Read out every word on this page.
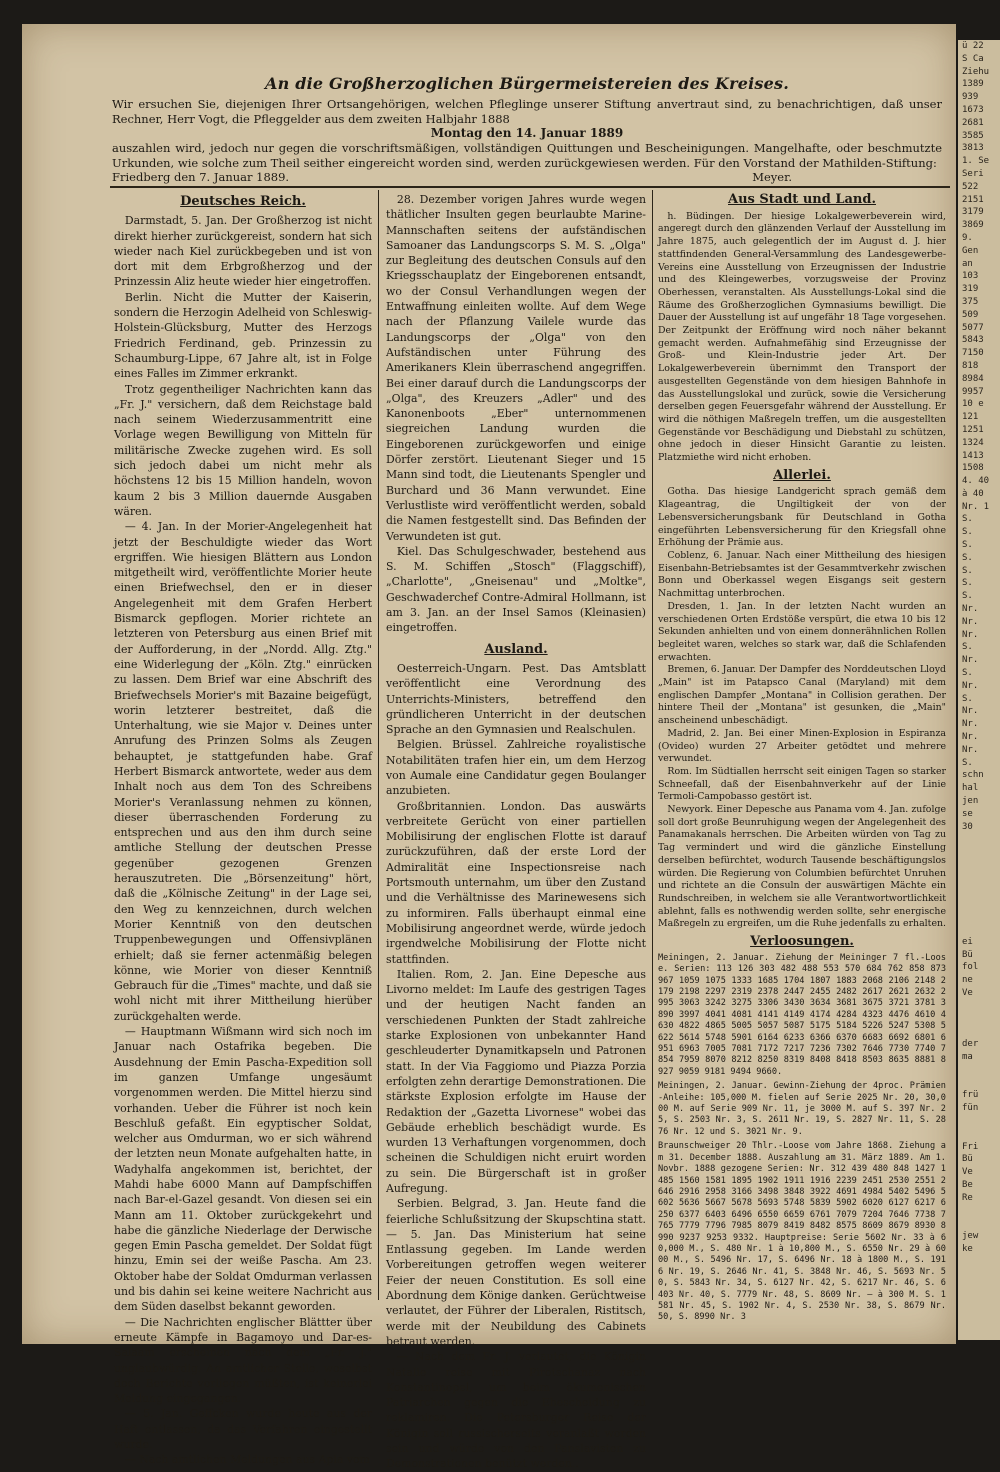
An die Großherzoglichen Bürgermeistereien des Kreises.
Wir ersuchen Sie, diejenigen Ihrer Ortsangehörigen, welchen Pfleglinge unserer Stiftung anvertraut sind, zu benachrichtigen, daß unser Rechner, Herr Vogt, die Pfleggelder aus dem zweiten Halbjahr 1888
Montag den 14. Januar 1889
auszahlen wird, jedoch nur gegen die vorschriftsmäßigen, vollständigen Quittungen und Bescheinigungen. Mangelhafte, oder beschmutzte Urkunden, wie solche zum Theil seither eingereicht worden sind, werden zurückgewiesen werden. Für den Vorstand der Mathilden-Stiftung:
Friedberg den 7. Januar 1889.	Meyer.
Deutsches Reich.

Darmstadt, 5. Jan. Der Großherzog ist nicht direkt hierher zurückgereist, sondern hat sich wieder nach Kiel zurückbegeben und ist von dort mit dem Erbgroßherzog und der Prinzessin Aliz heute wieder hier eingetroffen.

Berlin. Nicht die Mutter der Kaiserin, sondern die Herzogin Adelheid von Schleswig-Holstein-Glücksburg, Mutter des Herzogs Friedrich Ferdinand, geb. Prinzessin zu Schaumburg-Lippe, 67 Jahre alt, ist in Folge eines Falles im Zimmer erkrankt.

Trotz gegentheiliger Nachrichten kann das „Fr. J." versichern, daß dem Reichstage bald nach seinem Wiederzusammentritt eine Vorlage wegen Bewilligung von Mitteln für militärische Zwecke zugehen wird. Es soll sich jedoch dabei um nicht mehr als höchstens 12 bis 15 Million handeln, wovon kaum 2 bis 3 Million dauernde Ausgaben wären.

— 4. Jan. In der Morier-Angelegenheit hat jetzt der Beschuldigte wieder das Wort ergriffen. Wie hiesigen Blättern aus London mitgetheilt wird, veröffentlichte Morier heute einen Briefwechsel, den er in dieser Angelegenheit mit dem Grafen Herbert Bismarck gepflogen. Morier richtete an letzteren von Petersburg aus einen Brief mit der Aufforderung, in der „Nordd. Allg. Ztg." eine Widerlegung der „Köln. Ztg." einrücken zu lassen. Dem Brief war eine Abschrift des Briefwechsels Morier's mit Bazaine beigefügt, worin letzterer bestreitet, daß die Unterhaltung, wie sie Major v. Deines unter Anrufung des Prinzen Solms als Zeugen behauptet, je stattgefunden habe. Graf Herbert Bismarck antwortete, weder aus dem Inhalt noch aus dem Ton des Schreibens Morier's Veranlassung nehmen zu können, dieser überraschenden Forderung zu entsprechen und aus den ihm durch seine amtliche Stellung der deutschen Presse gegenüber gezogenen Grenzen herauszutreten. Die „Börsenzeitung" hört, daß die „Kölnische Zeitung" in der Lage sei, den Weg zu kennzeichnen, durch welchen Morier Kenntniß von den deutschen Truppenbewegungen und Offensivplänen erhielt; daß sie ferner actenmäßig belegen könne, wie Morier von dieser Kenntniß Gebrauch für die „Times" machte, und daß sie wohl nicht mit ihrer Mittheilung hierüber zurückgehalten werde.

— Hauptmann Wißmann wird sich noch im Januar nach Ostafrika begeben. Die Ausdehnung der Emin Pascha-Expedition soll im ganzen Umfange ungesäumt vorgenommen werden. Die Mittel hierzu sind vorhanden. Ueber die Führer ist noch kein Beschluß gefaßt. Ein egyptischer Soldat, welcher aus Omdurman, wo er sich während der letzten neun Monate aufgehalten hatte, in Wadyhalfa angekommen ist, berichtet, der Mahdi habe 6000 Mann auf Dampfschiffen nach Bar-el-Gazel gesandt. Von diesen sei ein Mann am 11. Oktober zurückgekehrt und habe die gänzliche Niederlage der Derwische gegen Emin Pascha gemeldet. Der Soldat fügt hinzu, Emin sei der weiße Pascha. Am 23. Oktober habe der Soldat Omdurman verlassen und bis dahin sei keine weitere Nachricht aus dem Süden daselbst bekannt geworden.

— Die Nachrichten englischer Blättter über erneute Kämpfe in Bagamoyo und Dar-es-Salaam erscheinen nach dem „Fr. J." unglaubwürdig. An amtlicher Stelle, woselbst doch Berichte vorliegen müßten, ist keinerlei Meldung eingegangen.

— 5. Jan. Geffcken wurde heute aus der Haft entlassen, da das Verfahren eingestellt wurde.

— Nach amtlichen Meldungen aus Apia vom

28. Dezember vorigen Jahres wurde wegen thätlicher Insulten gegen beurlaubte Marine-Mannschaften seitens der aufständischen Samoaner das Landungscorps S. M. S. „Olga" zur Begleitung des deutschen Consuls auf den Kriegsschauplatz der Eingeborenen entsandt, wo der Consul Verhandlungen wegen der Entwaffnung einleiten wollte. Auf dem Wege nach der Pflanzung Vailele wurde das Landungscorps der „Olga" von den Aufständischen unter Führung des Amerikaners Klein überraschend angegriffen. Bei einer darauf durch die Landungscorps der „Olga", des Kreuzers „Adler" und des Kanonenboots „Eber" unternommenen siegreichen Landung wurden die Eingeborenen zurückgeworfen und einige Dörfer zerstört. Lieutenant Sieger und 15 Mann sind todt, die Lieutenants Spengler und Burchard und 36 Mann verwundet. Eine Verlustliste wird veröffentlicht werden, sobald die Namen festgestellt sind. Das Befinden der Verwundeten ist gut.

Kiel. Das Schulgeschwader, bestehend aus S. M. Schiffen „Stosch" (Flaggschiff), „Charlotte", „Gneisenau" und „Moltke", Geschwaderchef Contre-Admiral Hollmann, ist am 3. Jan. an der Insel Samos (Kleinasien) eingetroffen.

Ausland.

Oesterreich-Ungarn. Pest. Das Amtsblatt veröffentlicht eine Verordnung des Unterrichts-Ministers, betreffend den gründlicheren Unterricht in der deutschen Sprache an den Gymnasien und Realschulen.

Belgien. Brüssel. Zahlreiche royalistische Notabilitäten trafen hier ein, um dem Herzog von Aumale eine Candidatur gegen Boulanger anzubieten.

Großbritannien. London. Das auswärts verbreitete Gerücht von einer partiellen Mobilisirung der englischen Flotte ist darauf zurückzuführen, daß der erste Lord der Admiralität eine Inspectionsreise nach Portsmouth unternahm, um über den Zustand und die Verhältnisse des Marinewesens sich zu informiren. Falls überhaupt einmal eine Mobilisirung angeordnet werde, würde jedoch irgendwelche Mobilisirung der Flotte nicht stattfinden.

Italien. Rom, 2. Jan. Eine Depesche aus Livorno meldet: Im Laufe des gestrigen Tages und der heutigen Nacht fanden an verschiedenen Punkten der Stadt zahlreiche starke Explosionen von unbekannter Hand geschleuderter Dynamitkapseln und Patronen statt. In der Via Faggiomo und Piazza Porzia erfolgten zehn derartige Demonstrationen. Die stärkste Explosion erfolgte im Hause der Redaktion der „Gazetta Livornese" wobei das Gebäude erheblich beschädigt wurde. Es wurden 13 Verhaftungen vorgenommen, doch scheinen die Schuldigen nicht eruirt worden zu sein. Die Bürgerschaft ist in großer Aufregung.

Serbien. Belgrad, 3. Jan. Heute fand die feierliche Schlußsitzung der Skupschtina statt. — 5. Jan. Das Ministerium hat seine Entlassung gegeben. Im Lande werden Vorbereitungen getroffen wegen weiterer Feier der neuen Constitution. Es soll eine Abordnung dem Könige danken. Gerüchtweise verlautet, der Führer der Liberalen, Ristitsch, werde mit der Neubildung des Cabinets betraut werden.

— Nach dem Fr. J. verlautet, die Königin Natalie reise mit Pirotschanaz nach Konstantinopel, um beim ökumenischen Patriarchen gegen die Ehescheidung zu reklamiren. Die Petersburger Reise der Königin soll russischerseits veranlaßt worden sein und würde von den Panslavisten zu Demonstrationen benützt werden..

Aus Stadt und Land.

h. Büdingen. Der hiesige Lokalgewerbeverein wird, angeregt durch den glänzenden Verlauf der Ausstellung im Jahre 1875, auch gelegentlich der im August d. J. hier stattfindenden General-Versammlung des Landesgewerbe-Vereins eine Ausstellung von Erzeugnissen der Industrie und des Kleingewerbes, vorzugsweise der Provinz Oberhessen, veranstalten. Als Ausstellungs-Lokal sind die Räume des Großherzoglichen Gymnasiums bewilligt. Die Dauer der Ausstellung ist auf ungefähr 18 Tage vorgesehen. Der Zeitpunkt der Eröffnung wird noch näher bekannt gemacht werden. Aufnahmefähig sind Erzeugnisse der Groß- und Klein-Industrie jeder Art. Der Lokalgewerbeverein übernimmt den Transport der ausgestellten Gegenstände von dem hiesigen Bahnhofe in das Ausstellungslokal und zurück, sowie die Versicherung derselben gegen Feuersgefahr während der Ausstellung. Er wird die nöthigen Maßregeln treffen, um die ausgestellten Gegenstände vor Beschädigung und Diebstahl zu schützen, ohne jedoch in dieser Hinsicht Garantie zu leisten. Platzmiethe wird nicht erhoben.

Allerlei.

Gotha. Das hiesige Landgericht sprach gemäß dem Klageantrag, die Ungiltigkeit der von der Lebensversicherungsbank für Deutschland in Gotha eingeführten Lebensversicherung für den Kriegsfall ohne Erhöhung der Prämie aus.

Coblenz, 6. Januar. Nach einer Mittheilung des hiesigen Eisenbahn-Betriebsamtes ist der Gesammtverkehr zwischen Bonn und Oberkassel wegen Eisgangs seit gestern Nachmittag unterbrochen.

Dresden, 1. Jan. In der letzten Nacht wurden an verschiedenen Orten Erdstöße verspürt, die etwa 10 bis 12 Sekunden anhielten und von einem donnerähnlichen Rollen begleitet waren, welches so stark war, daß die Schlafenden erwachten.

Bremen, 6. Januar. Der Dampfer des Norddeutschen Lloyd „Main" ist im Patapsco Canal (Maryland) mit dem englischen Dampfer „Montana" in Collision gerathen. Der hintere Theil der „Montana" ist gesunken, die „Main" anscheinend unbeschädigt.

Madrid, 2. Jan. Bei einer Minen-Explosion in Espiranza (Ovideo) wurden 27 Arbeiter getödtet und mehrere verwundet.

Rom. Im Südtiallen herrscht seit einigen Tagen so starker Schneefall, daß der Eisenbahnverkehr auf der Linie Termoli-Campobasso gestört ist.

Newyork. Einer Depesche aus Panama vom 4. Jan. zufolge soll dort große Beunruhigung wegen der Angelegenheit des Panamakanals herrschen. Die Arbeiten würden von Tag zu Tag vermindert und wird die gänzliche Einstellung derselben befürchtet, wodurch Tausende beschäftigungslos würden. Die Regierung von Columbien befürchtet Unruhen und richtete an die Consuln der auswärtigen Mächte ein Rundschreiben, in welchem sie alle Verantwortwortlichkeit ablehnt, falls es nothwendig werden sollte, sehr energische Maßregeln zu ergreifen, um die Ruhe jedenfalls zu erhalten.

Verloosungen.

Meiningen, 2. Januar. Ziehung der Meininger 7 fl.-Loose. Serien: 113 126 303 482 488 553 570 684 762 858 873 967 1059 1075 1333 1685 1704 1807 1883 2068 2106 2148 2179 2198 2297 2319 2378 2447 2455 2482 2617 2621 2632 2995 3063 3242 3275 3306 3430 3634 3681 3675 3721 3781 3890 3997 4041 4081 4141 4149 4174 4284 4323 4476 4610 4630 4822 4865 5005 5057 5087 5175 5184 5226 5247 5308 5622 5614 5748 5901 6164 6233 6366 6370 6683 6692 6801 6951 6963 7005 7081 7172 7217 7236 7302 7646 7730 7740 7854 7959 8070 8212 8250 8319 8408 8418 8503 8635 8881 8927 9059 9181 9494 9660.

Meiningen, 2. Januar. Gewinn-Ziehung der 4proc. Prämien-Anleihe: 105,000 M. fielen auf Serie 2025 Nr. 20, 30,000 M. auf Serie 909 Nr. 11, je 3000 M. auf S. 397 Nr. 25, S. 2503 Nr. 3, S. 2611 Nr. 19, S. 2827 Nr. 11, S. 2876 Nr. 12 und S. 3021 Nr. 9.

Braunschweiger 20 Thlr.-Loose vom Jahre 1868. Ziehung am 31. December 1888. Auszahlung am 31. März 1889. Am 1. Novbr. 1888 gezogene Serien: Nr. 312 439 480 848 1427 1485 1560 1581 1895 1902 1911 1916 2239 2451 2530 2551 2646 2916 2958 3166 3498 3848 3922 4691 4984 5402 5496 5602 5636 5667 5678 5693 5748 5839 5902 6020 6127 6217 6250 6377 6403 6496 6550 6659 6761 7079 7204 7646 7738 7765 7779 7796 7985 8079 8419 8482 8575 8609 8679 8930 8990 9237 9253 9332. Hauptpreise: Serie 5602 Nr. 33 à 60,000 M., S. 480 Nr. 1 à 10,800 M., S. 6550 Nr. 29 à 6000 M., S. 5496 Nr. 17, S. 6496 Nr. 18 à 1800 M., S. 1916 Nr. 19, S. 2646 Nr. 41, S. 3848 Nr. 46, S. 5693 Nr. 50, S. 5843 Nr. 34, S. 6127 Nr. 42, S. 6217 Nr. 46, S. 6403 Nr. 40, S. 7779 Nr. 48, S. 8609 Nr. — à 300 M. S. 1581 Nr. 45, S. 1902 Nr. 4, S. 2530 Nr. 38, S. 8679 Nr. 50, S. 8990 Nr. 3

ü 22
S Ca
Ziehu
1389
939
1673
2681
3585
3813
1. Se
Seri
522
2151
3179
3869
9.
Gen
an
103
319
375
509
5077
5843
7150
818
8984
9957
10 e
121
1251
1324
1413
1508
4. 40
à 40
Nr. 1
S.
S.
S.
S.
S.
S.
S.
Nr.
Nr.
Nr.
S.
Nr.
S.
Nr.
S.
Nr.
Nr.
Nr.
Nr.
S.
schn
hal
jen
se
30
ei
Bü
fol
ne
Ve
der
ma
frü
fün
Fri
Bü
Ve
Be
Re
jew
ke
